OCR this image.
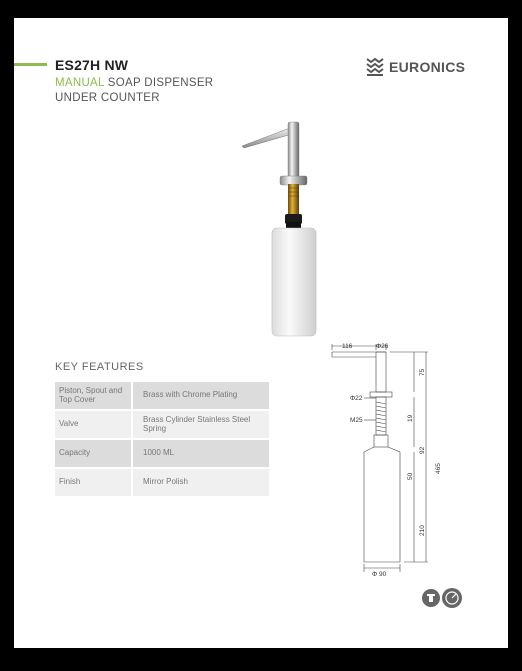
ES27H NW
MANUAL SOAP DISPENSER
UNDER COUNTER
EURONICS
KEY FEATURES
Piston, Spout and Top Cover	Brass with Chrome Plating
Valve	Brass Cylinder Stainless Steel Spring
Capacity	1000 ML
Finish	Mirror Polish
116	Φ26
Φ22
M25
75
19
92
50
465
210
Φ 90
